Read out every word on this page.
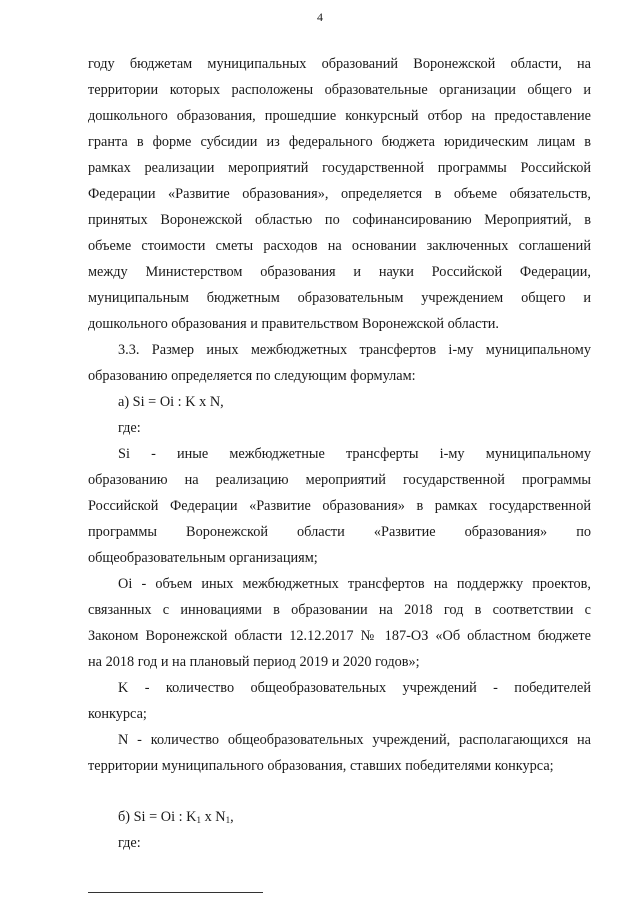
4
году бюджетам муниципальных образований Воронежской области, на
территории которых расположены образовательные организации общего и
дошкольного образования, прошедшие конкурсный отбор на предоставление
гранта в форме субсидии из федерального бюджета юридическим лицам в
рамках реализации мероприятий государственной программы Российской
Федерации «Развитие образования», определяется в объеме обязательств,
принятых Воронежской областью по софинансированию Мероприятий, в
объеме стоимости сметы расходов на основании заключенных соглашений
между Министерством образования и науки Российской Федерации,
муниципальным бюджетным образовательным учреждением общего и
дошкольного образования и правительством Воронежской области.
3.3. Размер иных межбюджетных трансфертов i-му муниципальному
образованию определяется по следующим формулам:
а) Si = Oi : K x N,
где:
Si - иные межбюджетные трансферты i-му муниципальному
образованию на реализацию мероприятий государственной программы
Российской Федерации «Развитие образования» в рамках государственной
программы Воронежской области «Развитие образования» по
общеобразовательным организациям;
Oi - объем иных межбюджетных трансфертов на поддержку проектов,
связанных с инновациями в образовании на 2018 год в соответствии с
Законом Воронежской области 12.12.2017 № 187-ОЗ «Об областном бюджете
на 2018 год и на плановый период 2019 и 2020 годов»;
K - количество общеобразовательных учреждений - победителей
конкурса;
N - количество общеобразовательных учреждений, располагающихся на
территории муниципального образования, ставших победителями конкурса;
б) Si = Oi : $K_1$ x $N_1$,
где:
